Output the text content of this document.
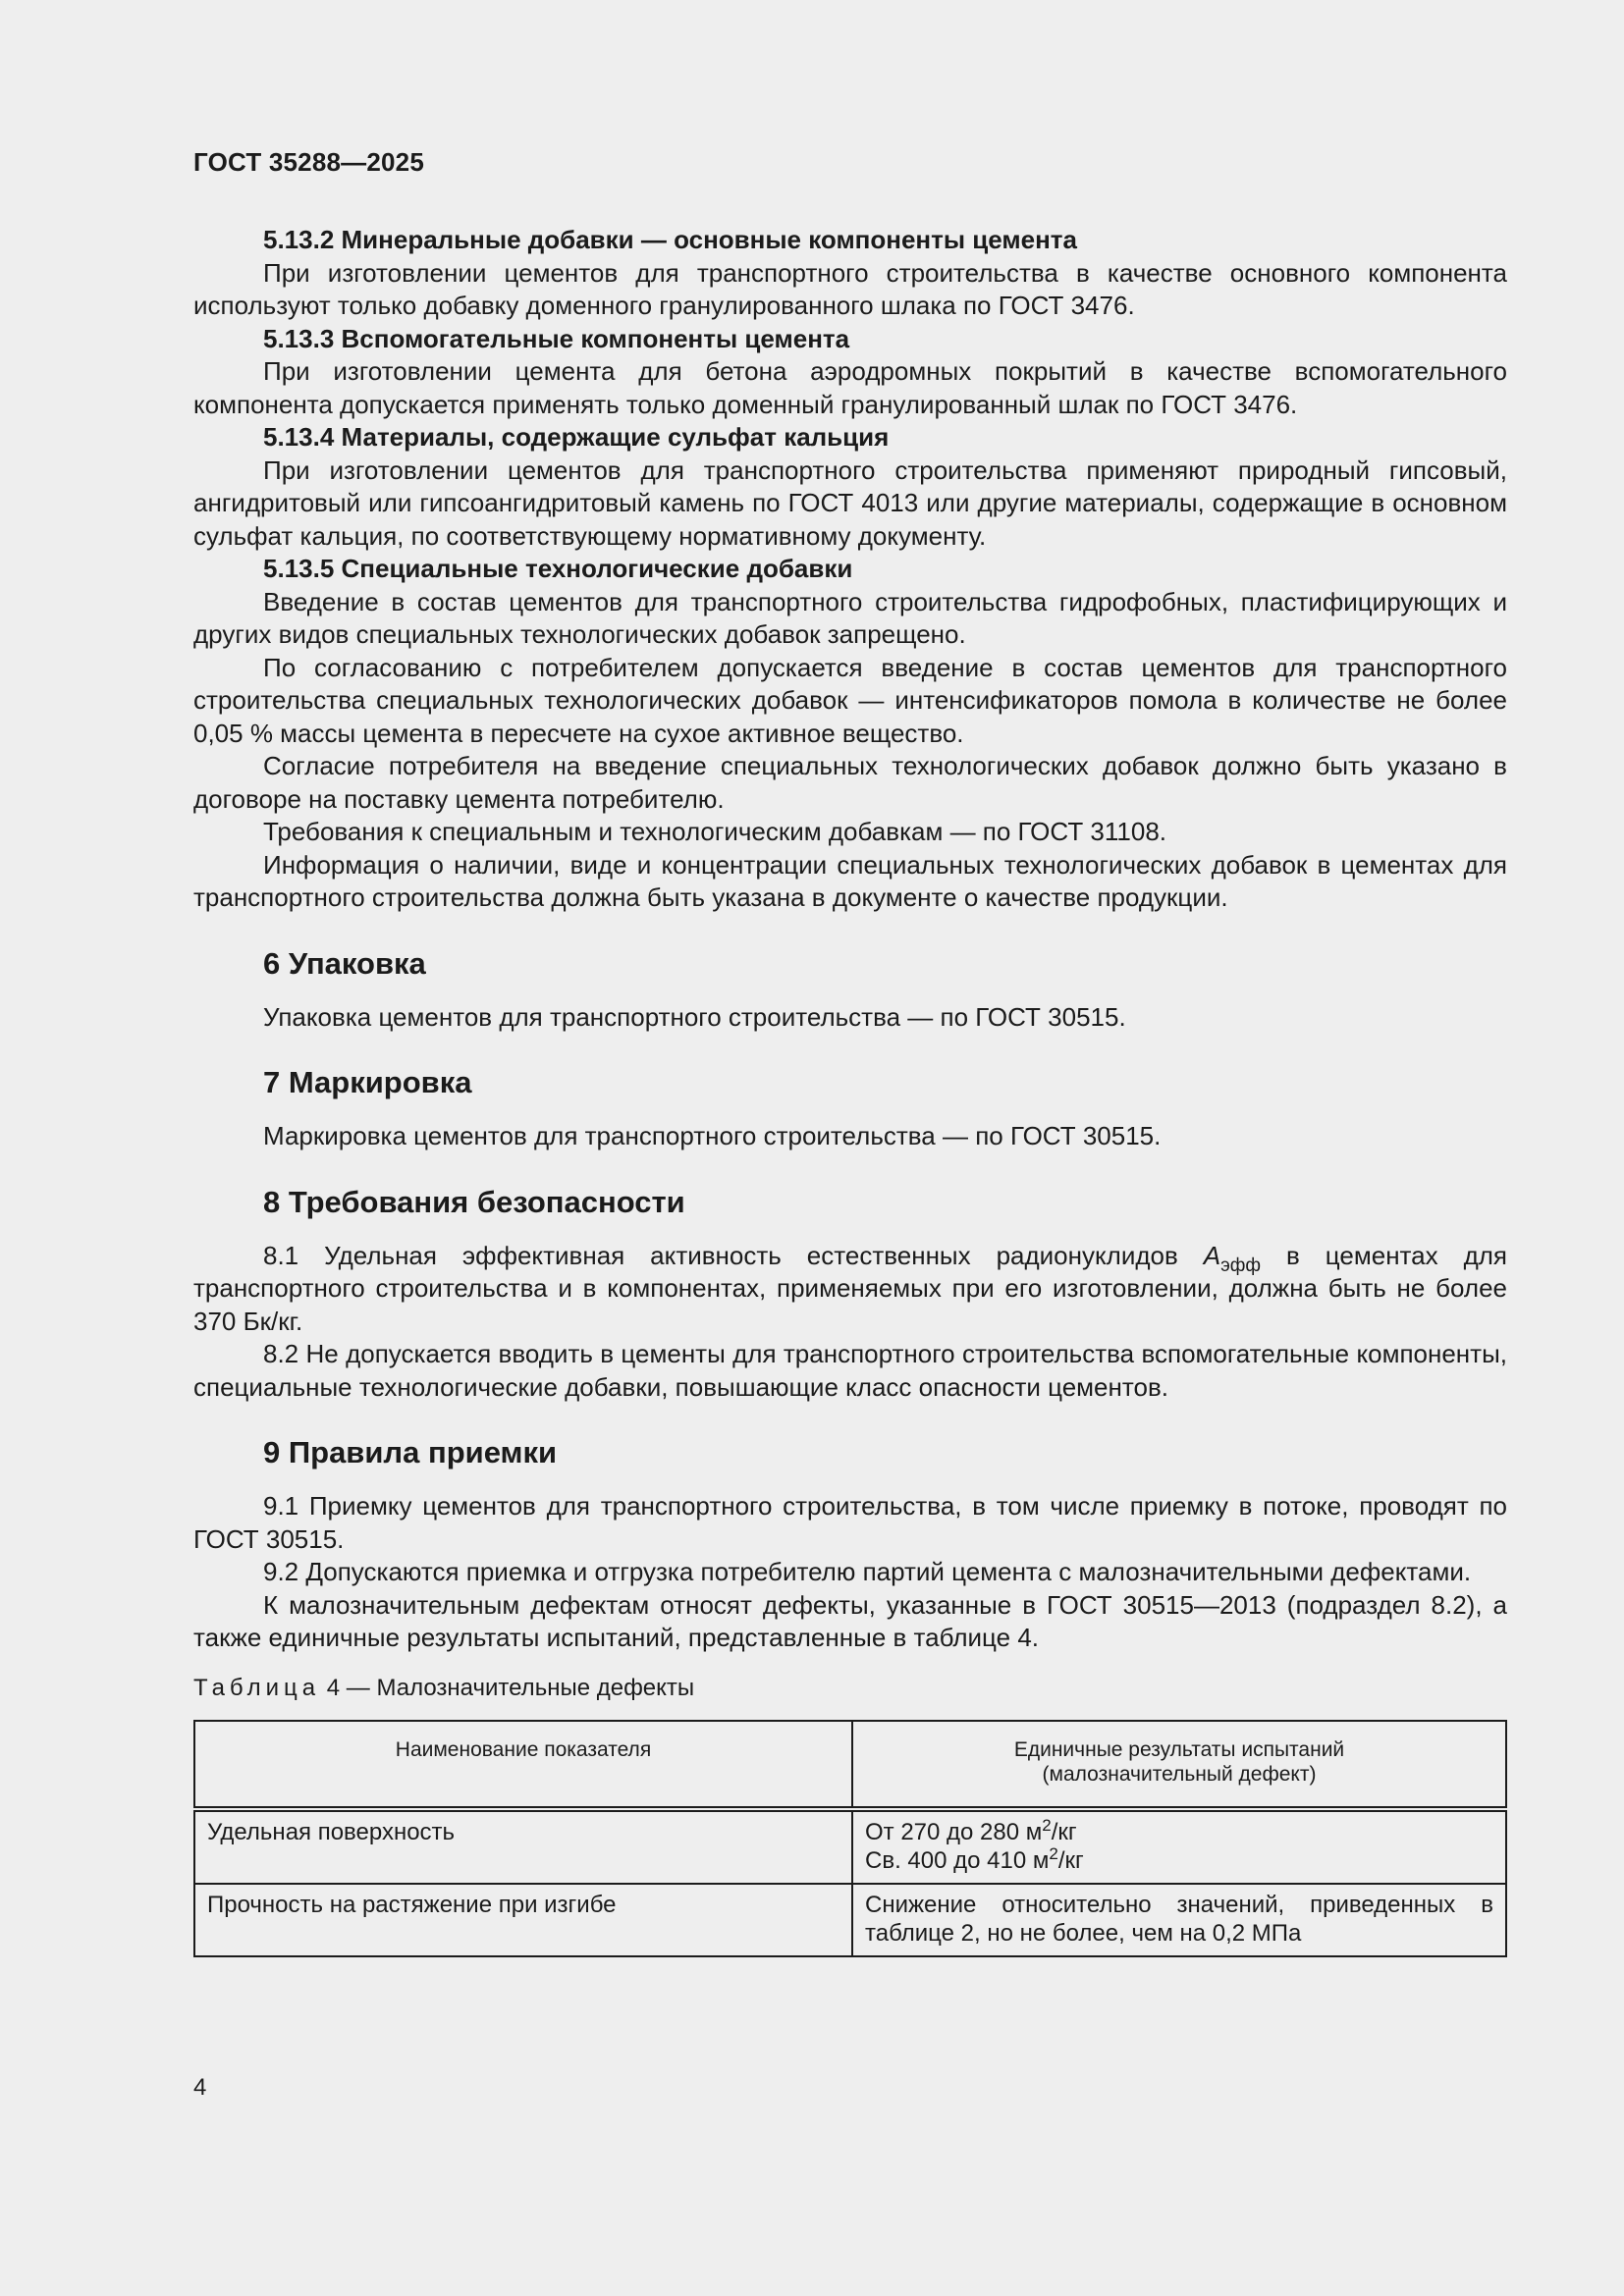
ГОСТ 35288—2025

5.13.2 Минеральные добавки — основные компоненты цемента

При изготовлении цементов для транспортного строительства в качестве основного компонента используют только добавку доменного гранулированного шлака по ГОСТ 3476.

5.13.3 Вспомогательные компоненты цемента

При изготовлении цемента для бетона аэродромных покрытий в качестве вспомогательного компонента допускается применять только доменный гранулированный шлак по ГОСТ 3476.

5.13.4 Материалы, содержащие сульфат кальция

При изготовлении цементов для транспортного строительства применяют природный гипсовый, ангидритовый или гипсоангидритовый камень по ГОСТ 4013 или другие материалы, содержащие в основном сульфат кальция, по соответствующему нормативному документу.

5.13.5 Специальные технологические добавки

Введение в состав цементов для транспортного строительства гидрофобных, пластифицирующих и других видов специальных технологических добавок запрещено.

По согласованию с потребителем допускается введение в состав цементов для транспортного строительства специальных технологических добавок — интенсификаторов помола в количестве не более 0,05 % массы цемента в пересчете на сухое активное вещество.

Согласие потребителя на введение специальных технологических добавок должно быть указано в договоре на поставку цемента потребителю.

Требования к специальным и технологическим добавкам — по ГОСТ 31108.

Информация о наличии, виде и концентрации специальных технологических добавок в цементах для транспортного строительства должна быть указана в документе о качестве продукции.

6 Упаковка

Упаковка цементов для транспортного строительства — по ГОСТ 30515.

7 Маркировка

Маркировка цементов для транспортного строительства — по ГОСТ 30515.

8 Требования безопасности

8.1 Удельная эффективная активность естественных радионуклидов $A_{эфф}$ в цементах для транспортного строительства и в компонентах, применяемых при его изготовлении, должна быть не более 370 Бк/кг.

8.2 Не допускается вводить в цементы для транспортного строительства вспомогательные компоненты, специальные технологические добавки, повышающие класс опасности цементов.

9 Правила приемки

9.1 Приемку цементов для транспортного строительства, в том числе приемку в потоке, проводят по ГОСТ 30515.

9.2 Допускаются приемка и отгрузка потребителю партий цемента с малозначительными дефектами.

К малозначительным дефектам относят дефекты, указанные в ГОСТ 30515—2013 (подраздел 8.2), а также единичные результаты испытаний, представленные в таблице 4.

Таблица 4 — Малозначительные дефекты
Наименование показателя	Единичные результаты испытаний
(малозначительный дефект)
Удельная поверхность	От 270 до 280 $м^2/кг$
Св. 400 до 410 $м^2/кг$
Прочность на растяжение при изгибе	Снижение относительно значений, приведенных в таблице 2, но не более, чем на 0,2 МПа
4
